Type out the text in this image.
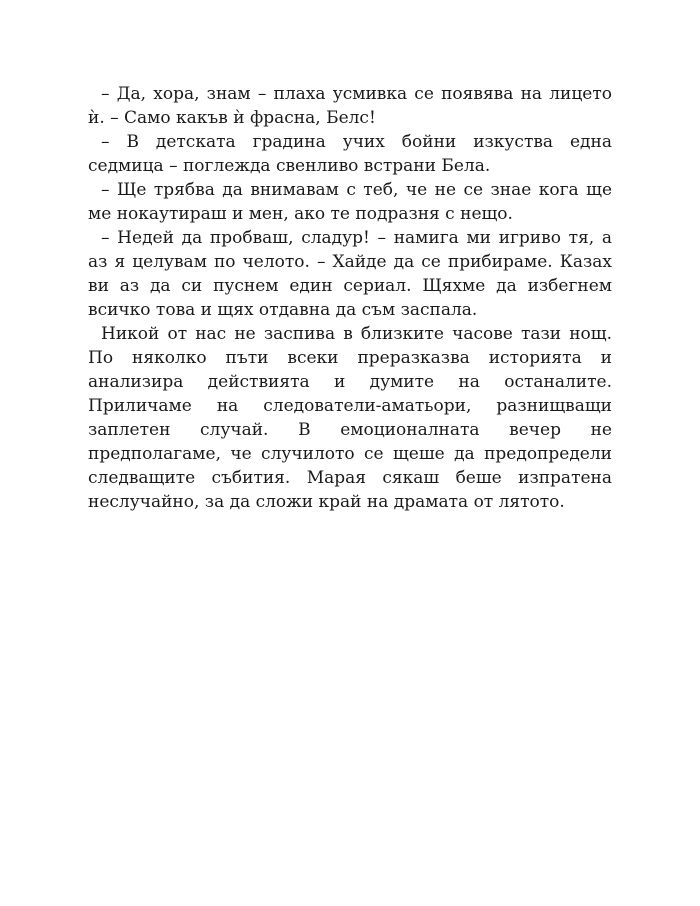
– Да, хора, знам – плаха усмивка се появява на лицето ѝ. – Само какъв ѝ фрасна, Белс!

– В детската градина учих бойни изкуства една седмица – поглежда свенливо встрани Бела.

– Ще трябва да внимавам с теб, че не се знае кога ще ме нокаутираш и мен, ако те подразня с нещо.

– Недей да пробваш, сладур! – намига ми игриво тя, а аз я целувам по челото. – Хайде да се прибираме. Казах ви аз да си пуснем един сериал. Щяхме да избегнем всичко това и щях отдавна да съм заспала.

Никой от нас не заспива в близките часове тази нощ. По няколко пъти всеки преразказва историята и анализира действията и думите на останалите. Приличаме на следователи-аматьори, разнищващи заплетен случай. В емоционалната вечер не предполагаме, че случилото се щеше да предопредели следващите събития. Марая сякаш беше изпратена неслучайно, за да сложи край на драмата от лятото.
